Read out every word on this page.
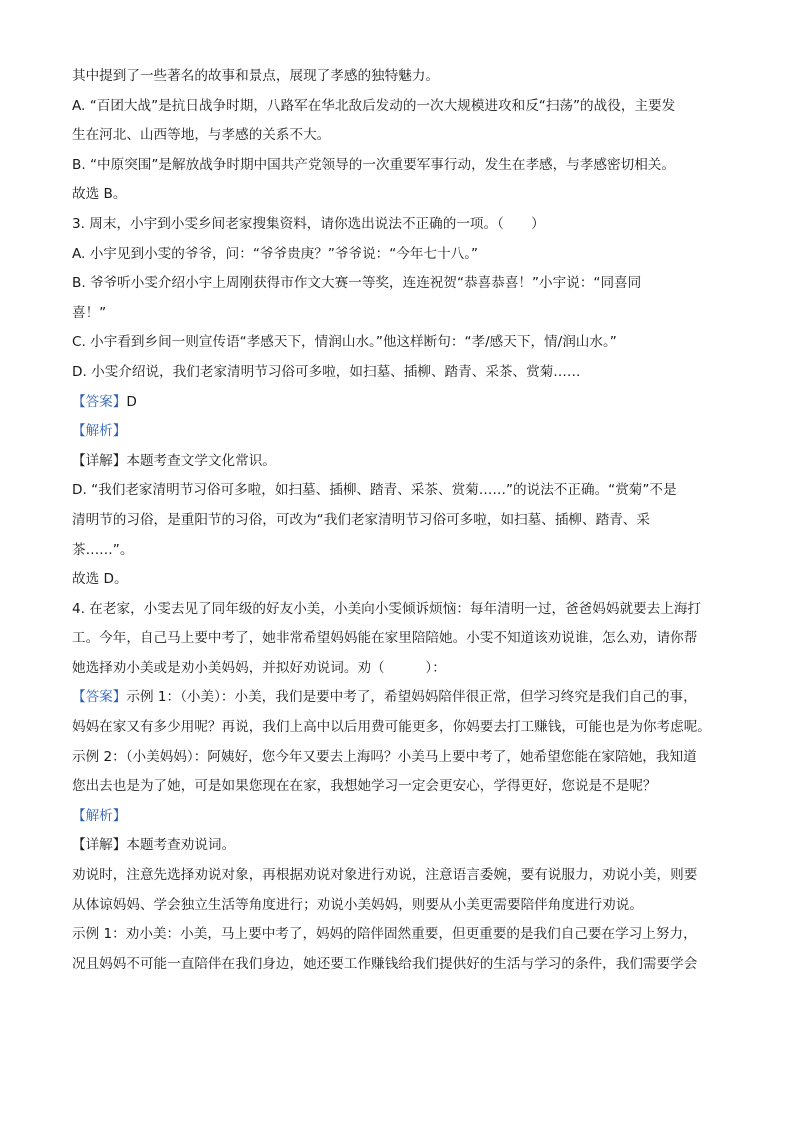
其中提到了一些著名的故事和景点，展现了孝感的独特魅力。
A. “百团大战”是抗日战争时期，八路军在华北敌后发动的一次大规模进攻和反“扫荡”的战役，主要发
生在河北、山西等地，与孝感的关系不大。
B. “中原突围”是解放战争时期中国共产党领导的一次重要军事行动，发生在孝感，与孝感密切相关。
故选 B。
3. 周末，小宇到小雯乡间老家搜集资料，请你选出说法不正确的一项。（　　）
A. 小宇见到小雯的爷爷，问：“爷爷贵庚？”爷爷说：“今年七十八。”
B. 爷爷听小雯介绍小宇上周刚获得市作文大赛一等奖，连连祝贺“恭喜恭喜！”小宇说：“同喜同
喜！”
C. 小宇看到乡间一则宣传语“孝感天下，情润山水。”他这样断句：“孝/感天下，情/润山水。”
D. 小雯介绍说，我们老家清明节习俗可多啦，如扫墓、插柳、踏青、采茶、赏菊……
【答案】D
【解析】
【详解】本题考查文学文化常识。
D. “我们老家清明节习俗可多啦，如扫墓、插柳、踏青、采茶、赏菊……”的说法不正确。“赏菊”不是
清明节的习俗，是重阳节的习俗，可改为“我们老家清明节习俗可多啦，如扫墓、插柳、踏青、采
茶……”。
故选 D。
4. 在老家，小雯去见了同年级的好友小美，小美向小雯倾诉烦恼：每年清明一过，爸爸妈妈就要去上海打
工。今年，自己马上要中考了，她非常希望妈妈能在家里陪陪她。小雯不知道该劝说谁，怎么劝，请你帮
她选择劝小美或是劝小美妈妈，并拟好劝说词。劝（　　　）：
【答案】示例 1：（小美）：小美，我们是要中考了，希望妈妈陪伴很正常，但学习终究是我们自己的事，
妈妈在家又有多少用呢？再说，我们上高中以后用费可能更多，你妈要去打工赚钱，可能也是为你考虑呢。
示例 2：（小美妈妈）：阿姨好，您今年又要去上海吗？小美马上要中考了，她希望您能在家陪她，我知道
您出去也是为了她，可是如果您现在在家，我想她学习一定会更安心，学得更好，您说是不是呢？
【解析】
【详解】本题考查劝说词。
劝说时，注意先选择劝说对象，再根据劝说对象进行劝说，注意语言委婉，要有说服力，劝说小美，则要
从体谅妈妈、学会独立生活等角度进行；劝说小美妈妈，则要从小美更需要陪伴角度进行劝说。
示例 1：劝小美：小美，马上要中考了，妈妈的陪伴固然重要，但更重要的是我们自己要在学习上努力，
况且妈妈不可能一直陪伴在我们身边，她还要工作赚钱给我们提供好的生活与学习的条件，我们需要学会
